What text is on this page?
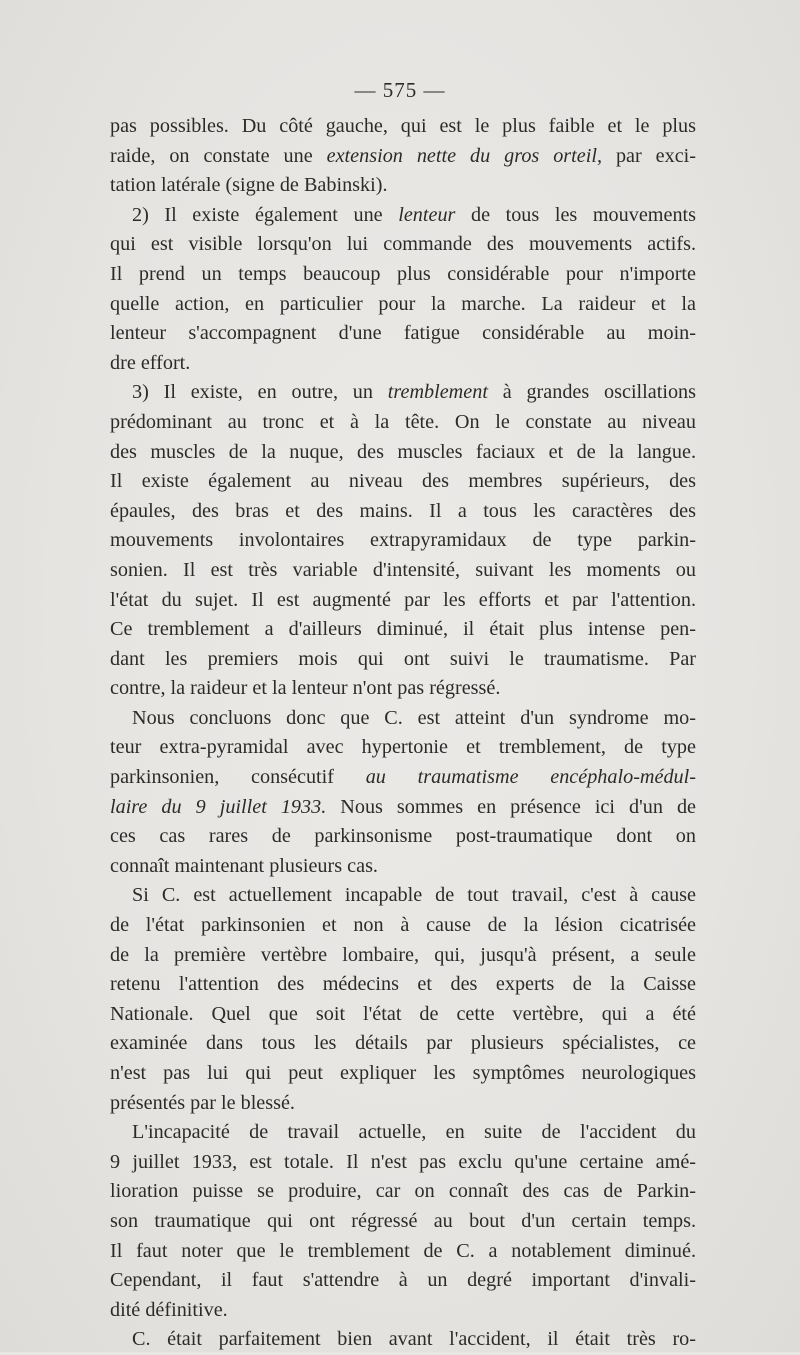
— 575 —
pas possibles. Du côté gauche, qui est le plus faible et le plus
raide, on constate une extension nette du gros orteil, par exci-
tation latérale (signe de Babinski).
2) Il existe également une lenteur de tous les mouvements
qui est visible lorsqu'on lui commande des mouvements actifs.
Il prend un temps beaucoup plus considérable pour n'importe
quelle action, en particulier pour la marche. La raideur et la
lenteur s'accompagnent d'une fatigue considérable au moin-
dre effort.
3) Il existe, en outre, un tremblement à grandes oscillations
prédominant au tronc et à la tête. On le constate au niveau
des muscles de la nuque, des muscles faciaux et de la langue.
Il existe également au niveau des membres supérieurs, des
épaules, des bras et des mains. Il a tous les caractères des
mouvements involontaires extrapyramidaux de type parkin-
sonien. Il est très variable d'intensité, suivant les moments ou
l'état du sujet. Il est augmenté par les efforts et par l'attention.
Ce tremblement a d'ailleurs diminué, il était plus intense pen-
dant les premiers mois qui ont suivi le traumatisme. Par
contre, la raideur et la lenteur n'ont pas régressé.
Nous concluons donc que C. est atteint d'un syndrome mo-
teur extra-pyramidal avec hypertonie et tremblement, de type
parkinsonien, consécutif au traumatisme encéphalo-médul-
laire du 9 juillet 1933. Nous sommes en présence ici d'un de
ces cas rares de parkinsonisme post-traumatique dont on
connaît maintenant plusieurs cas.
Si C. est actuellement incapable de tout travail, c'est à cause
de l'état parkinsonien et non à cause de la lésion cicatrisée
de la première vertèbre lombaire, qui, jusqu'à présent, a seule
retenu l'attention des médecins et des experts de la Caisse
Nationale. Quel que soit l'état de cette vertèbre, qui a été
examinée dans tous les détails par plusieurs spécialistes, ce
n'est pas lui qui peut expliquer les symptômes neurologiques
présentés par le blessé.
L'incapacité de travail actuelle, en suite de l'accident du
9 juillet 1933, est totale. Il n'est pas exclu qu'une certaine amé-
lioration puisse se produire, car on connaît des cas de Parkin-
son traumatique qui ont régressé au bout d'un certain temps.
Il faut noter que le tremblement de C. a notablement diminué.
Cependant, il faut s'attendre à un degré important d'invali-
dité définitive.
C. était parfaitement bien avant l'accident, il était très ro-
